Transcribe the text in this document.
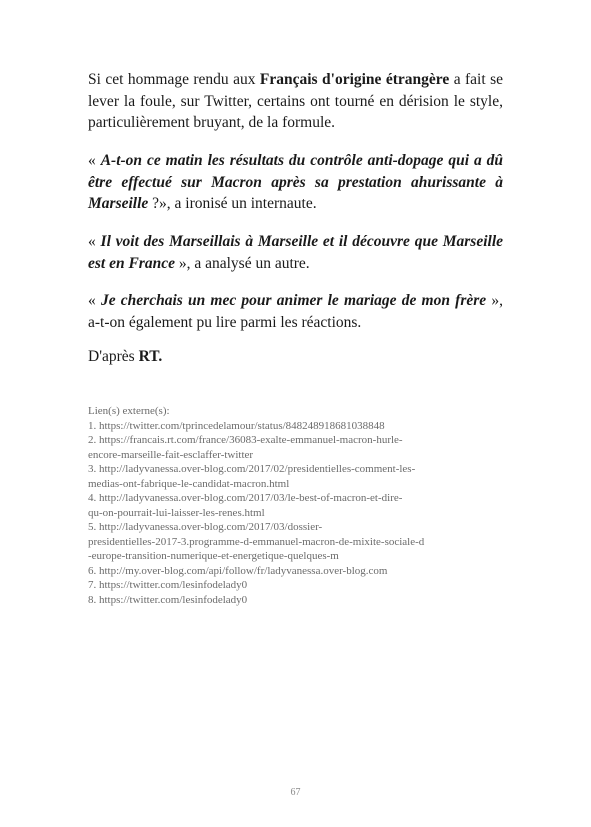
Si cet hommage rendu aux Français d'origine étrangère a fait se lever la foule, sur Twitter, certains ont tourné en dérision le style, particulièrement bruyant, de la formule.

« A-t-on ce matin les résultats du contrôle anti-dopage qui a dû être effectué sur Macron après sa prestation ahurissante à Marseille ?», a ironisé un internaute.

« Il voit des Marseillais à Marseille et il découvre que Marseille est en France », a analysé un autre.

« Je cherchais un mec pour animer le mariage de mon frère », a-t-on également pu lire parmi les réactions.

D'après RT.

Lien(s) externe(s):
1. https://twitter.com/tprincedelamour/status/848248918681038848
2. https://francais.rt.com/france/36083-exalte-emmanuel-macron-hurle-
encore-marseille-fait-esclaffer-twitter
3. http://ladyvanessa.over-blog.com/2017/02/presidentielles-comment-les-
medias-ont-fabrique-le-candidat-macron.html
4. http://ladyvanessa.over-blog.com/2017/03/le-best-of-macron-et-dire-
qu-on-pourrait-lui-laisser-les-renes.html
5. http://ladyvanessa.over-blog.com/2017/03/dossier-
presidentielles-2017-3.programme-d-emmanuel-macron-de-mixite-sociale-d
-europe-transition-numerique-et-energetique-quelques-m
6. http://my.over-blog.com/api/follow/fr/ladyvanessa.over-blog.com
7. https://twitter.com/lesinfodelady0
8. https://twitter.com/lesinfodelady0
67
